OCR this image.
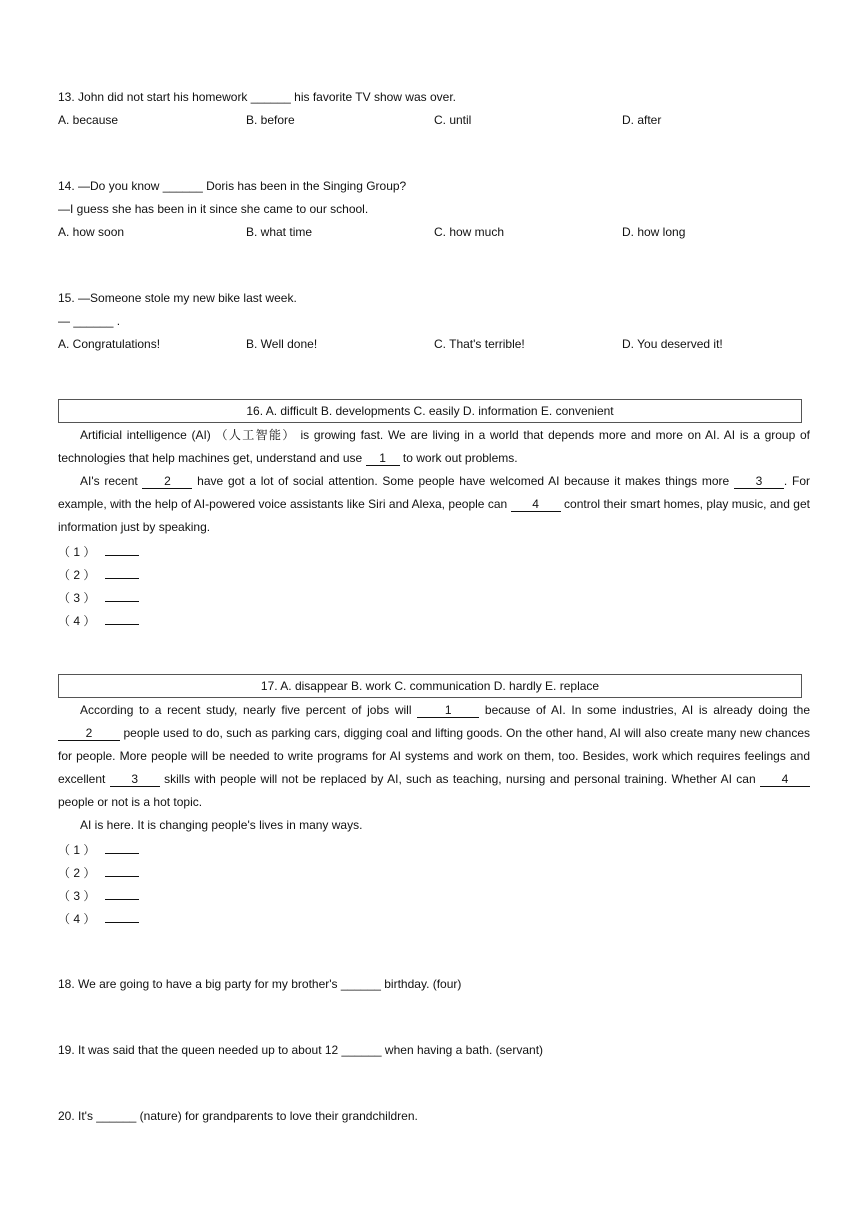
13. John did not start his homework ______ his favorite TV show was over.
A. because	B. before	C. until	D. after
14. —Do you know ______ Doris has been in the Singing Group?
—I guess she has been in it since she came to our school.
A. how soon	B. what time	C. how much	D. how long
15. —Someone stole my new bike last week.
— ______ .
A. Congratulations!	B. Well done!	C. That's terrible!	D. You deserved it!
16. A. difficult B. developments C. easily D. information E. convenient
Artificial intelligence (AI) （人工智能） is growing fast. We are living in a world that depends more and more on AI. AI is a group of technologies that help machines get, understand and use 1 to work out problems.
AI's recent 2 have got a lot of social attention. Some people have welcomed AI because it makes things more 3 . For example, with the help of AI-powered voice assistants like Siri and Alexa, people can 4 control their smart homes, play music, and get information just by speaking.
（ 1 ）
（ 2 ）
（ 3 ）
（ 4 ）
17. A. disappear B. work C. communication D. hardly E. replace
According to a recent study, nearly five percent of jobs will 1 because of AI. In some industries, AI is already doing the 2 people used to do, such as parking cars, digging coal and lifting goods. On the other hand, AI will also create many new chances for people. More people will be needed to write programs for AI systems and work on them, too. Besides, work which requires feelings and excellent 3 skills with people will not be replaced by AI, such as teaching, nursing and personal training. Whether AI can 4 people or not is a hot topic.
AI is here. It is changing people's lives in many ways.
（ 1 ）
（ 2 ）
（ 3 ）
（ 4 ）
18. We are going to have a big party for my brother's ______ birthday. (four)
19. It was said that the queen needed up to about 12 ______ when having a bath. (servant)
20. It's ______ (nature) for grandparents to love their grandchildren.
